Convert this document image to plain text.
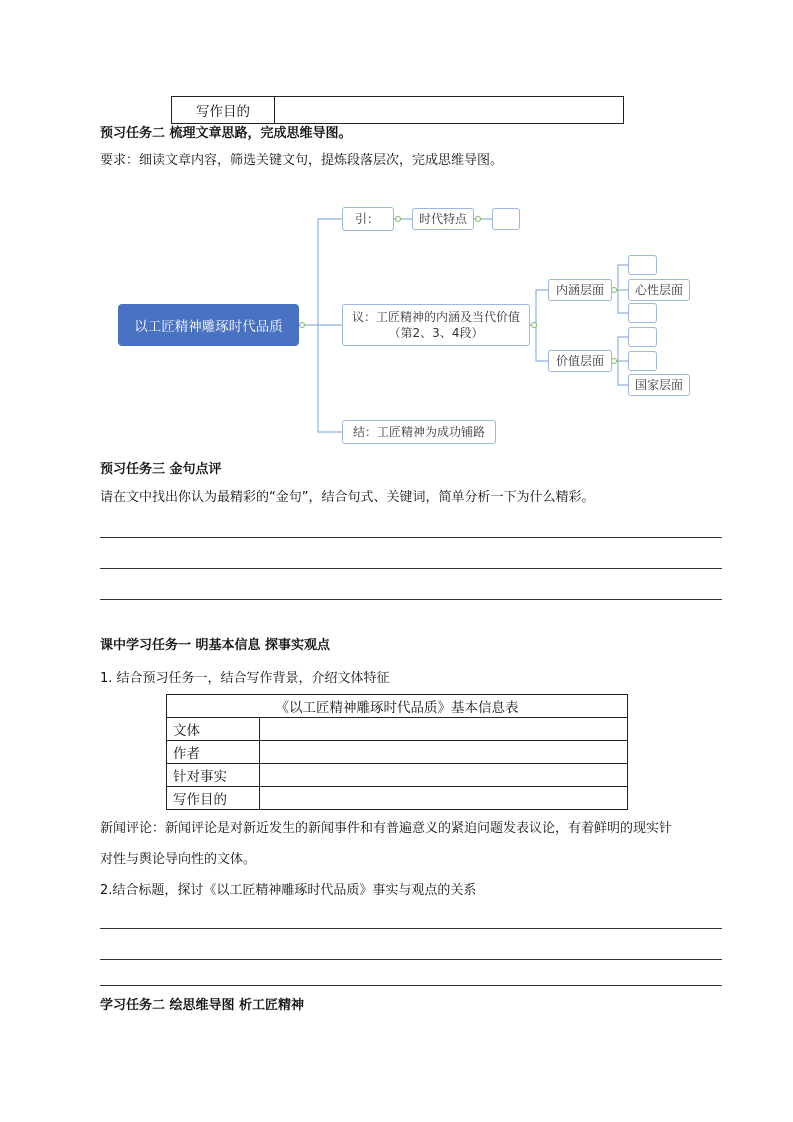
写作目的	
预习任务二 梳理文章思路，完成思维导图。
要求：细读文章内容，筛选关键文句，提炼段落层次，完成思维导图。
以工匠精神雕琢时代品质
引：	时代特点
议：工匠精神的内涵及当代价值
（第2、3、4段）
内涵层面	心性层面
价值层面
国家层面
结：工匠精神为成功铺路
预习任务三 金句点评
请在文中找出你认为最精彩的“金句”，结合句式、关键词，简单分析一下为什么精彩。
课中学习任务一 明基本信息 探事实观点
1. 结合预习任务一，结合写作背景，介绍文体特征
《以工匠精神雕琢时代品质》基本信息表	
文体	
作者	
针对事实	
写作目的	
新闻评论：新闻评论是对新近发生的新闻事件和有普遍意义的紧迫问题发表议论，有着鲜明的现实针
对性与舆论导向性的文体。
2.结合标题，探讨《以工匠精神雕琢时代品质》事实与观点的关系
学习任务二 绘思维导图 析工匠精神
